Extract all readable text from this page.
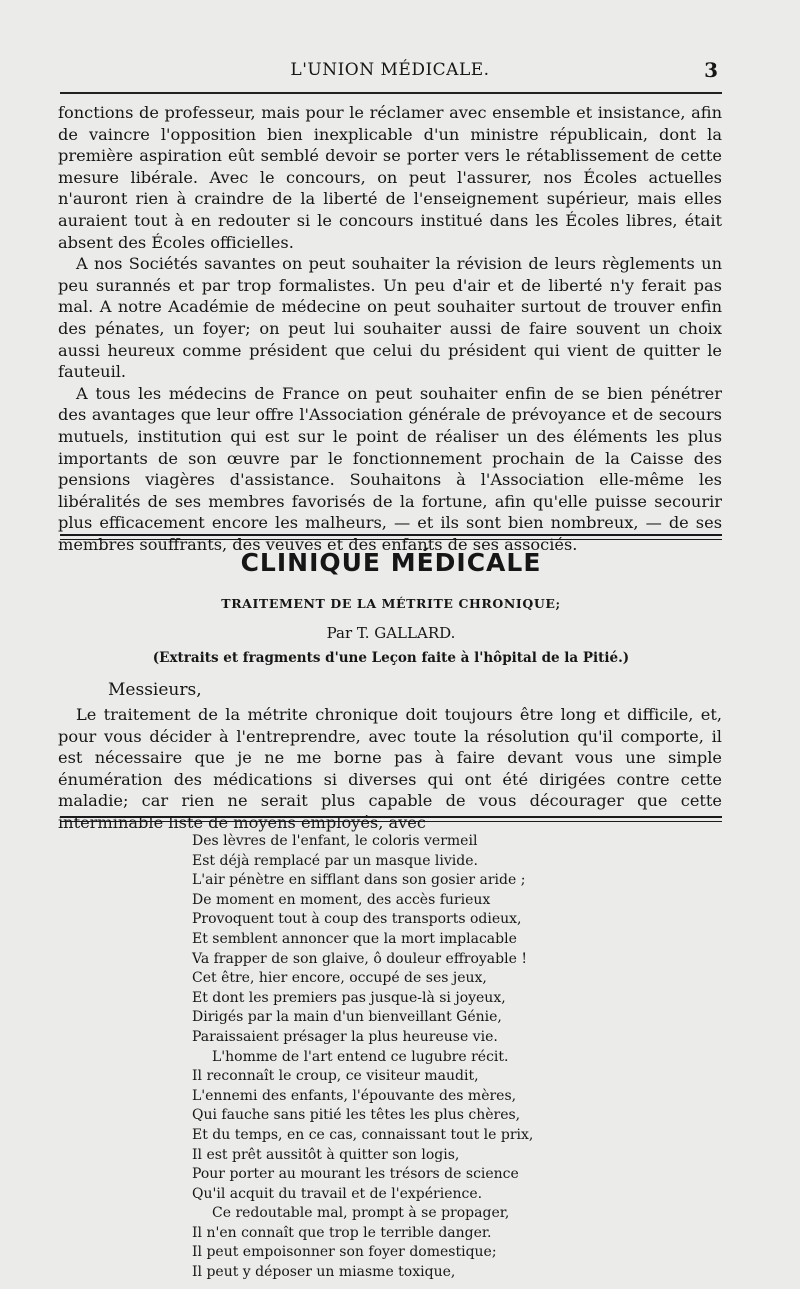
L'UNION MÉDICALE.	3

fonctions de professeur, mais pour le réclamer avec ensemble et insistance, afin de vaincre l'opposition bien inexplicable d'un ministre républicain, dont la première aspiration eût semblé devoir se porter vers le rétablissement de cette mesure libérale. Avec le concours, on peut l'assurer, nos Écoles actuelles n'auront rien à craindre de la liberté de l'enseignement supérieur, mais elles auraient tout à en redouter si le concours institué dans les Écoles libres, était absent des Écoles officielles.

A nos Sociétés savantes on peut souhaiter la révision de leurs règlements un peu surannés et par trop formalistes. Un peu d'air et de liberté n'y ferait pas mal. A notre Académie de médecine on peut souhaiter surtout de trouver enfin des pénates, un foyer; on peut lui souhaiter aussi de faire souvent un choix aussi heureux comme président que celui du président qui vient de quitter le fauteuil.

A tous les médecins de France on peut souhaiter enfin de se bien pénétrer des avantages que leur offre l'Association générale de prévoyance et de secours mutuels, institution qui est sur le point de réaliser un des éléments les plus importants de son œuvre par le fonctionnement prochain de la Caisse des pensions viagères d'assistance. Souhaitons à l'Association elle-même les libéralités de ses membres favorisés de la fortune, afin qu'elle puisse secourir plus efficacement encore les malheurs, — et ils sont bien nombreux, — de ses membres souffrants, des veuves et des enfants de ses associés.

CLINIQUE MÉDICALE
TRAITEMENT DE LA MÉTRITE CHRONIQUE;
Par T. GALLARD.
(Extraits et fragments d'une Leçon faite à l'hôpital de la Pitié.)
Messieurs,

Le traitement de la métrite chronique doit toujours être long et difficile, et, pour vous décider à l'entreprendre, avec toute la résolution qu'il comporte, il est nécessaire que je ne me borne pas à faire devant vous une simple énumération des médications si diverses qui ont été dirigées contre cette maladie; car rien ne serait plus capable de vous décourager que cette interminable liste de moyens employés, avec

Des lèvres de l'enfant, le coloris vermeil
Est déjà remplacé par un masque livide.
L'air pénètre en sifflant dans son gosier aride ;
De moment en moment, des accès furieux
Provoquent tout à coup des transports odieux,
Et semblent annoncer que la mort implacable
Va frapper de son glaive, ô douleur effroyable !
Cet être, hier encore, occupé de ses jeux,
Et dont les premiers pas jusque-là si joyeux,
Dirigés par la main d'un bienveillant Génie,
Paraissaient présager la plus heureuse vie.
L'homme de l'art entend ce lugubre récit.
Il reconnaît le croup, ce visiteur maudit,
L'ennemi des enfants, l'épouvante des mères,
Qui fauche sans pitié les têtes les plus chères,
Et du temps, en ce cas, connaissant tout le prix,
Il est prêt aussitôt à quitter son logis,
Pour porter au mourant les trésors de science
Qu'il acquit du travail et de l'expérience.
Ce redoutable mal, prompt à se propager,
Il n'en connaît que trop le terrible danger.
Il peut empoisonner son foyer domestique;
Il peut y déposer un miasme toxique,
